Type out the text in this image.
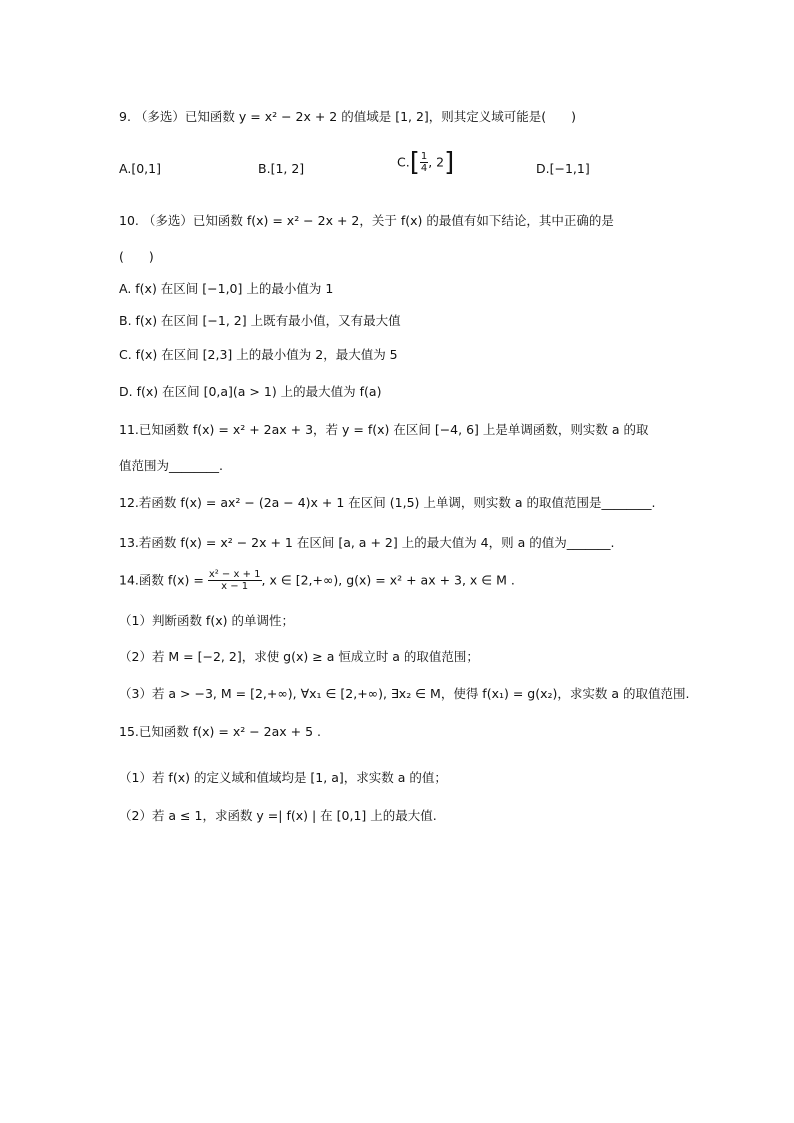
9. （多选）已知函数 y = x² − 2x + 2 的值域是 [1, 2]，则其定义域可能是(　　)
A.[0,1]	B.[1, 2]	$C.[ \frac{1}{4}$ , 2]	D.[−1,1]
10. （多选）已知函数 f(x) = x² − 2x + 2，关于 f(x) 的最值有如下结论，其中正确的是
(　　)
A. f(x) 在区间 [−1,0] 上的最小值为 1
B. f(x) 在区间 [−1, 2] 上既有最小值，又有最大值
C. f(x) 在区间 [2,3] 上的最小值为 2，最大值为 5
D. f(x) 在区间 [0,a](a > 1) 上的最大值为 f(a)
11.已知函数 f(x) = x² + 2ax + 3，若 y = f(x) 在区间 [−4, 6] 上是单调函数，则实数 a 的取
值范围为________.
12.若函数 f(x) = ax² − (2a − 4)x + 1 在区间 (1,5) 上单调，则实数 a 的取值范围是________.
13.若函数 f(x) = x² − 2x + 1 在区间 [a, a + 2] 上的最大值为 4，则 a 的值为_______.
14.函数 $f(x) = \frac{\text{x² − x + 1}}{x - 1}$ , x ∈ [2,+∞), g(x) = x² + ax + 3, x ∈ M .
（1）判断函数 f(x) 的单调性；
（2）若 M = [−2, 2]，求使 g(x) ≥ a 恒成立时 a 的取值范围；
（3）若 a > −3, M = [2,+∞), ∀x₁ ∈ [2,+∞), ∃x₂ ∈ M，使得 f(x₁) = g(x₂)，求实数 a 的取值范围.
15.已知函数 f(x) = x² − 2ax + 5 .
（1）若 f(x) 的定义域和值域均是 [1, a]，求实数 a 的值；
（2）若 a ≤ 1，求函数 y =| f(x) | 在 [0,1] 上的最大值.
